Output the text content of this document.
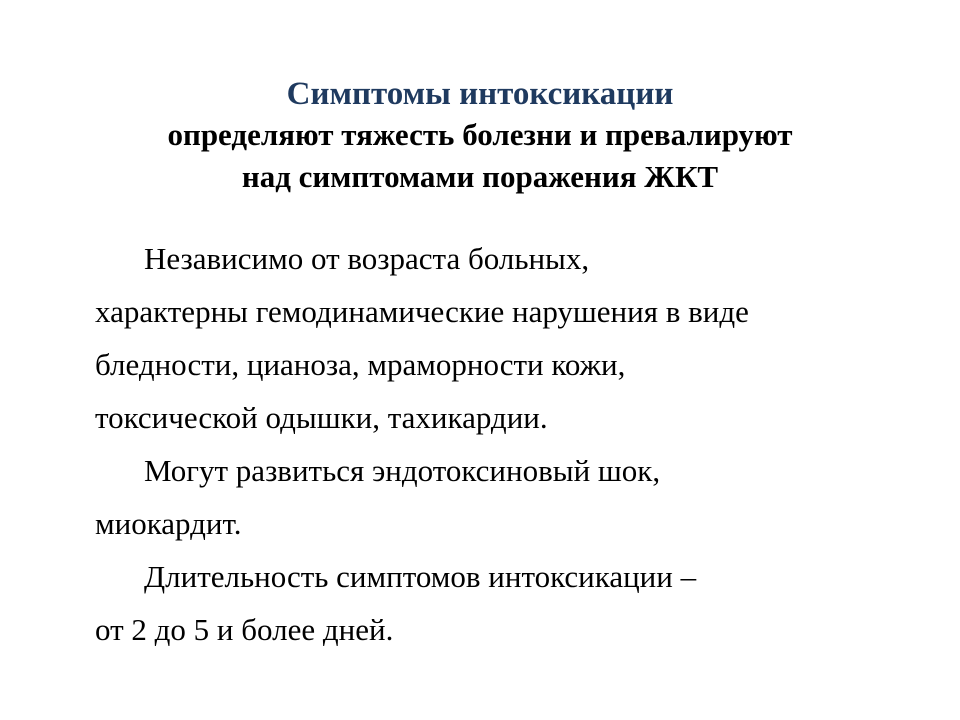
Симптомы интоксикации
определяют тяжесть болезни и превалируют
над симптомами поражения ЖКТ
Независимо от возраста больных,
характерны гемодинамические нарушения в виде
бледности, цианоза, мраморности кожи,
токсической одышки, тахикардии.
Могут развиться эндотоксиновый шок,
миокардит.
Длительность симптомов интоксикации –
от 2 до 5 и более дней.
